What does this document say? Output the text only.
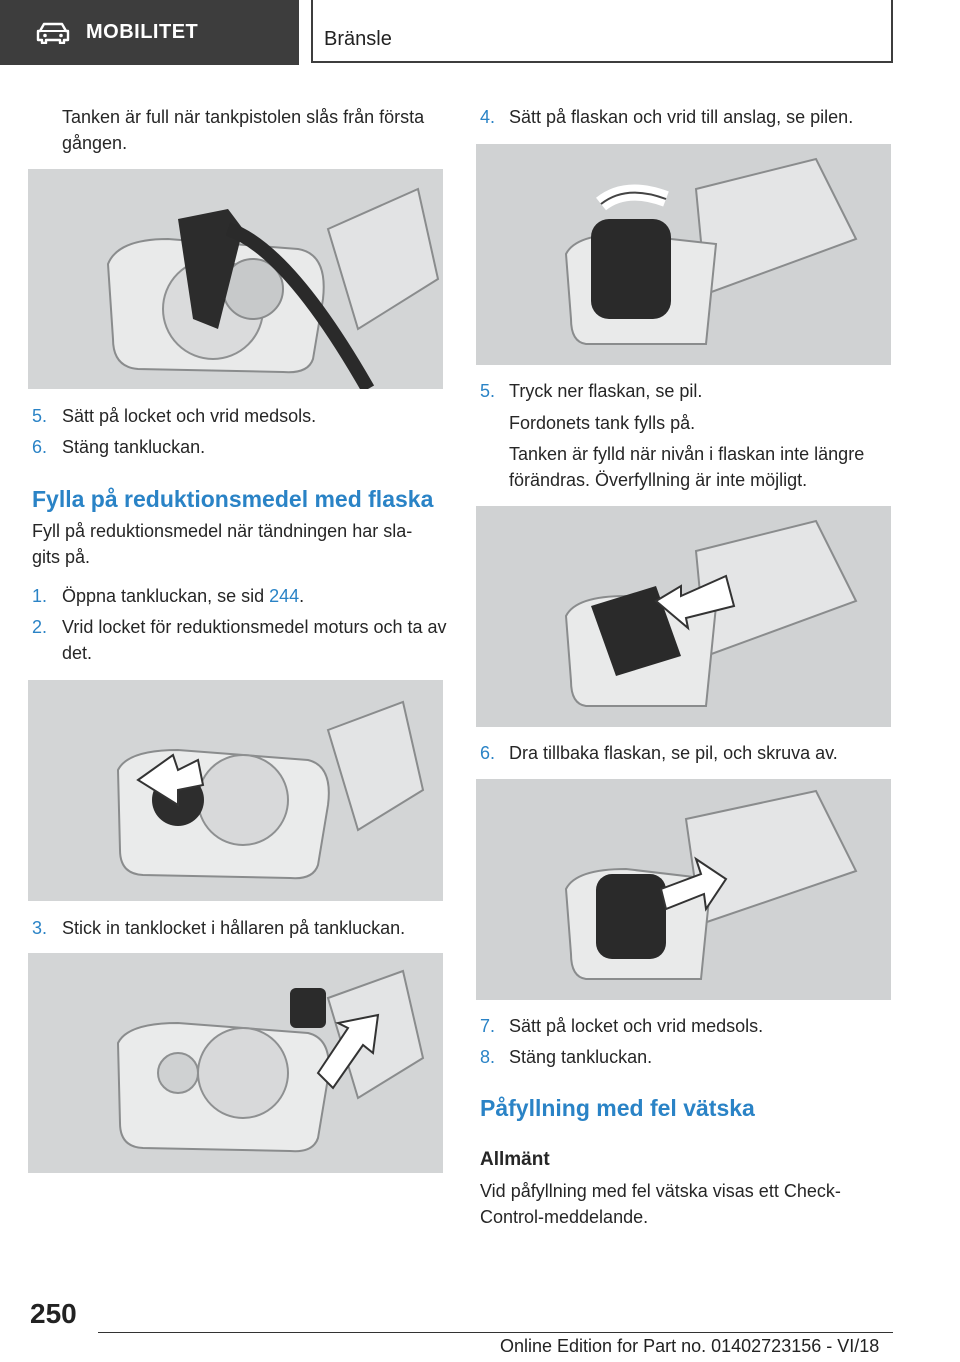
MOBILITET	Bränsle
Tanken är full när tankpistolen slås från första gången.
5. Sätt på locket och vrid medsols.
6. Stäng tankluckan.
Fylla på reduktionsmedel med flaska
Fyll på reduktionsmedel när tändningen har sla-gits på.
1. Öppna tankluckan, se sid 244.
2. Vrid locket för reduktionsmedel moturs och ta av det.
3. Stick in tanklocket i hållaren på tankluckan.
4. Sätt på flaskan och vrid till anslag, se pilen.
5. Tryck ner flaskan, se pil.
Fordonets tank fylls på.
Tanken är fylld när nivån i flaskan inte längre förändras. Överfyllning är inte möjligt.
6. Dra tillbaka flaskan, se pil, och skruva av.
7. Sätt på locket och vrid medsols.
8. Stäng tankluckan.
Påfyllning med fel vätska
Allmänt
Vid påfyllning med fel vätska visas ett Check-Control-meddelande.
250
Online Edition for Part no. 01402723156 - VI/18
